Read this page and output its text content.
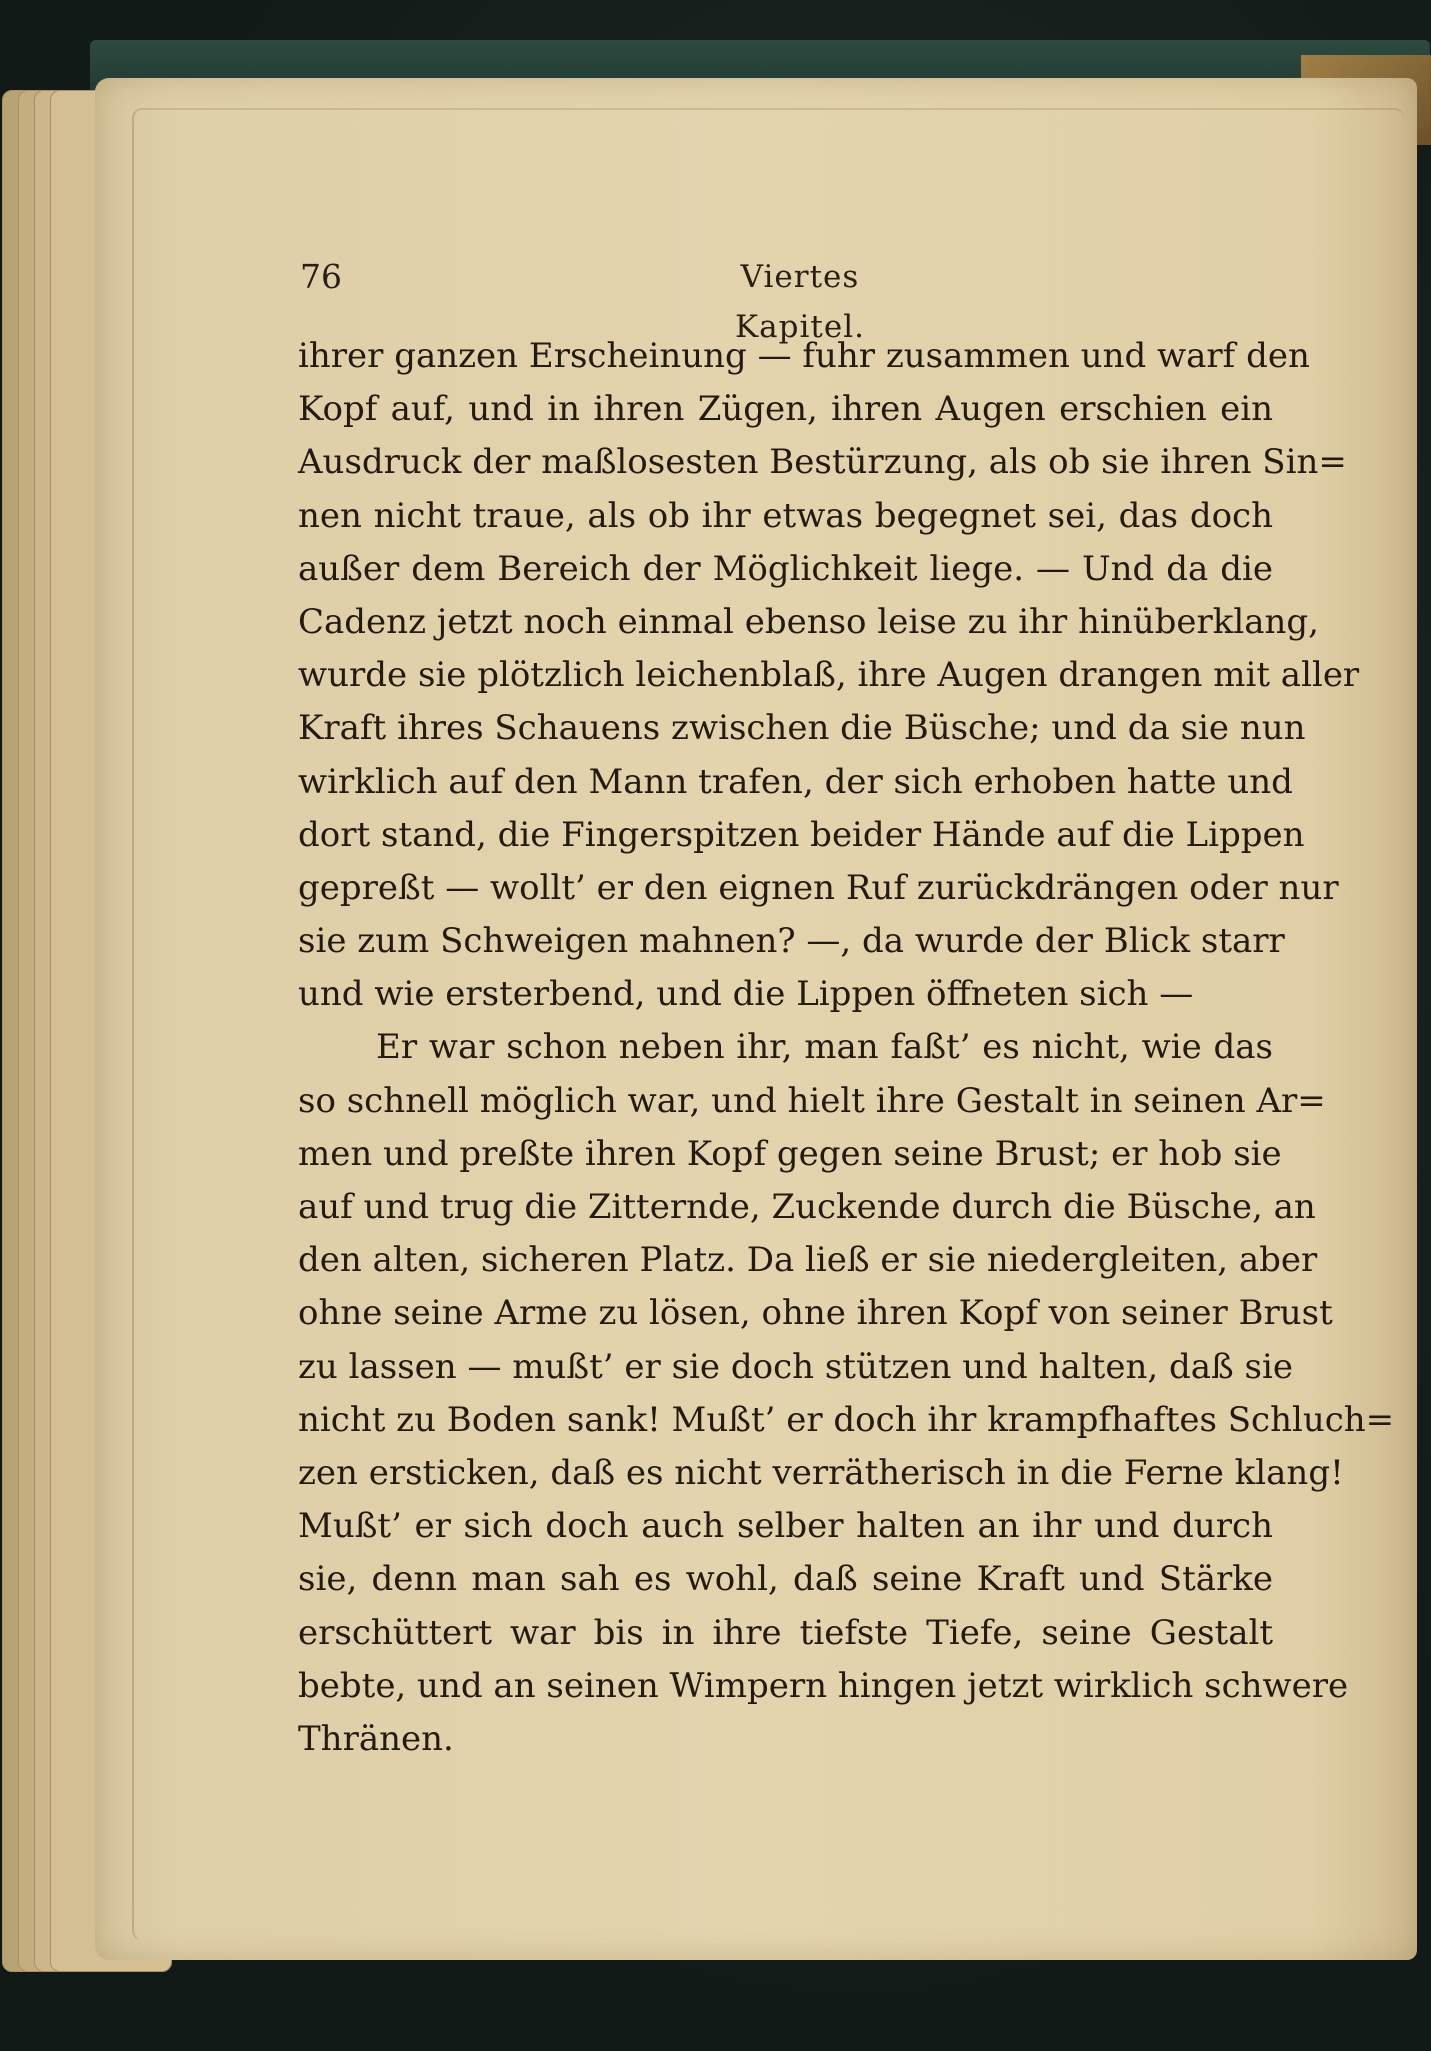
76	Viertes Kapitel.
ihrer ganzen Erscheinung — fuhr zusammen und warf den
Kopf auf, und in ihren Zügen, ihren Augen erschien ein
Ausdruck der maßlosesten Bestürzung, als ob sie ihren Sin=
nen nicht traue, als ob ihr etwas begegnet sei, das doch
außer dem Bereich der Möglichkeit liege. — Und da die
Cadenz jetzt noch einmal ebenso leise zu ihr hinüberklang,
wurde sie plötzlich leichenblaß, ihre Augen drangen mit aller
Kraft ihres Schauens zwischen die Büsche; und da sie nun
wirklich auf den Mann trafen, der sich erhoben hatte und
dort stand, die Fingerspitzen beider Hände auf die Lippen
gepreßt — wollt’ er den eignen Ruf zurückdrängen oder nur
sie zum Schweigen mahnen? —, da wurde der Blick starr
und wie ersterbend, und die Lippen öffneten sich —
Er war schon neben ihr, man faßt’ es nicht, wie das
so schnell möglich war, und hielt ihre Gestalt in seinen Ar=
men und preßte ihren Kopf gegen seine Brust; er hob sie
auf und trug die Zitternde, Zuckende durch die Büsche, an
den alten, sicheren Platz. Da ließ er sie niedergleiten, aber
ohne seine Arme zu lösen, ohne ihren Kopf von seiner Brust
zu lassen — mußt’ er sie doch stützen und halten, daß sie
nicht zu Boden sank! Mußt’ er doch ihr krampfhaftes Schluch=
zen ersticken, daß es nicht verrätherisch in die Ferne klang!
Mußt’ er sich doch auch selber halten an ihr und durch
sie, denn man sah es wohl, daß seine Kraft und Stärke
erschüttert war bis in ihre tiefste Tiefe, seine Gestalt
bebte, und an seinen Wimpern hingen jetzt wirklich schwere
Thränen.
